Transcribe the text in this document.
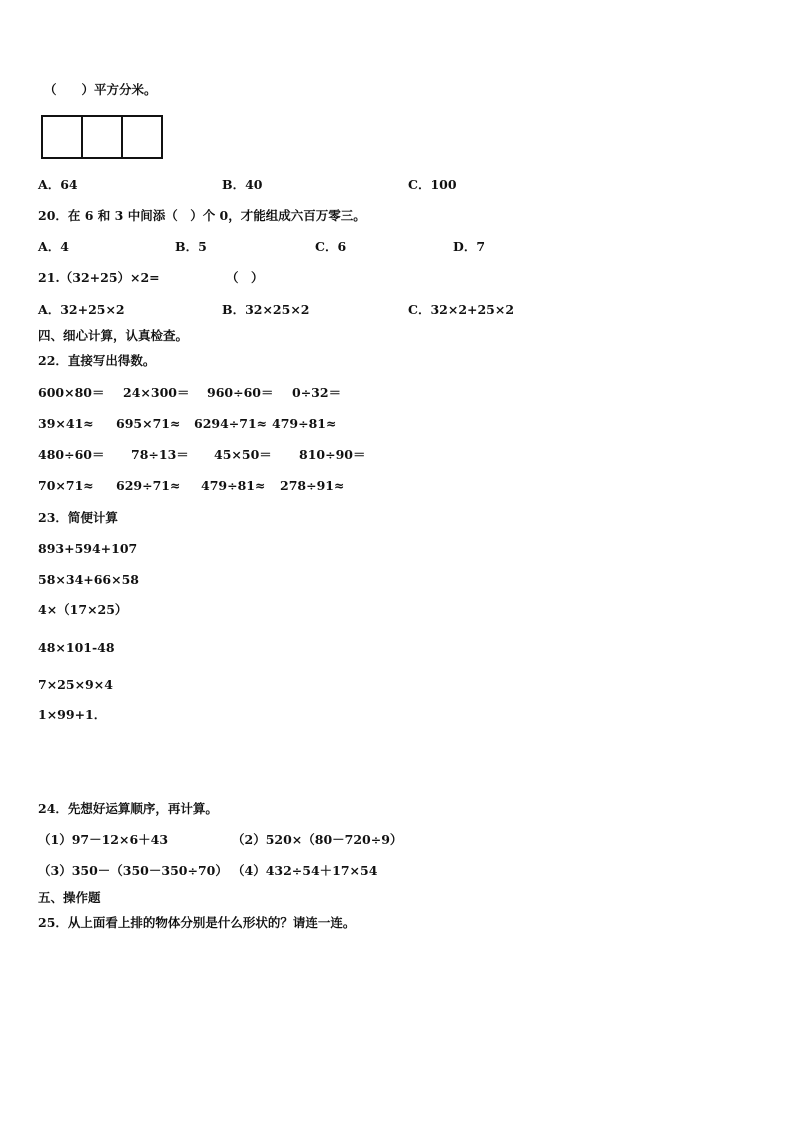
（　　）平方分米。
A．64	B．40	C．100
20．在 6 和 3 中间添（　）个 0，才能组成六百万零三。
A．4	B．5	C．6	D．7
21.（32+25）×2=	（　）
A．32+25×2	B．32×25×2	C．32×2+25×2
四、细心计算，认真检查。
22．直接写出得数。
600×80＝ 24×300＝ 960÷60＝ 0÷32＝
39×41≈ 695×71≈ 6294÷71≈ 479÷81≈
480÷60＝ 78÷13＝ 45×50＝ 810÷90＝
70×71≈ 629÷71≈ 479÷81≈ 278÷91≈
23．简便计算
893+594+107
58×34+66×58
4×（17×25）
48×101-48
7×25×9×4
1×99+1．
24．先想好运算顺序，再计算。
（1）97－12×6＋43	（2）520×（80－720÷9）
（3）350－（350－350÷70） （4）432÷54＋17×54
五、操作题
25．从上面看上排的物体分别是什么形状的？请连一连。
